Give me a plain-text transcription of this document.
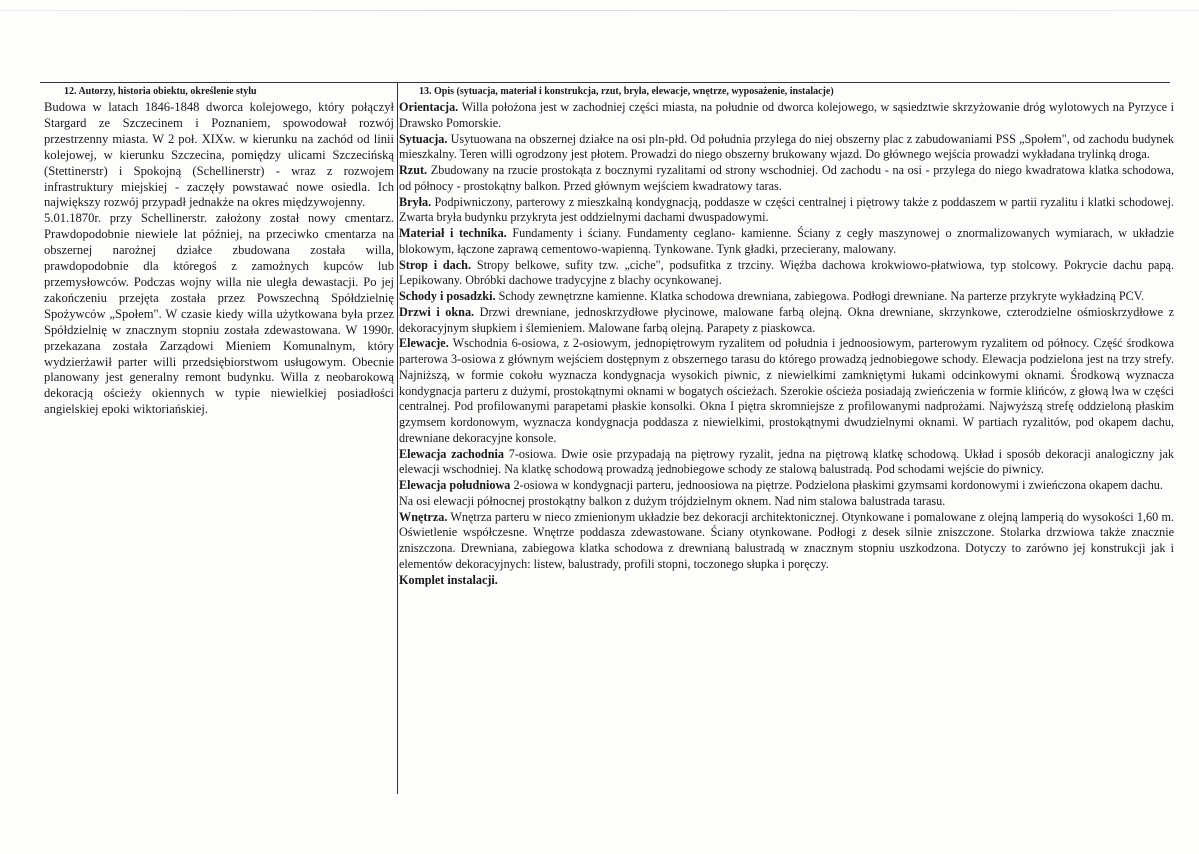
12. Autorzy, historia obiektu, określenie stylu

Budowa w latach 1846-1848 dworca kolejowego, który połączył Stargard ze Szczecinem i Poznaniem, spowodował rozwój przestrzenny miasta. W 2 poł. XIXw. w kierunku na zachód od linii kolejowej, w kierunku Szczecina, pomiędzy ulicami Szczecińską (Stettinerstr) i Spokojną (Schellinerstr) - wraz z rozwojem infrastruktury miejskiej - zaczęły powstawać nowe osiedla. Ich największy rozwój przypadł jednakże na okres międzywojenny.

5.01.1870r. przy Schellinerstr. założony został nowy cmentarz. Prawdopodobnie niewiele lat później, na przeciwko cmentarza na obszernej narożnej działce zbudowana została willa, prawdopodobnie dla któregoś z zamożnych kupców lub przemysłowców. Podczas wojny willa nie uległa dewastacji. Po jej zakończeniu przejęta została przez Powszechną Spółdzielnię Spożywców „Społem". W czasie kiedy willa użytkowana była przez Spółdzielnię w znacznym stopniu została zdewastowana. W 1990r. przekazana została Zarządowi Mieniem Komunalnym, który wydzierżawił parter willi przedsiębiorstwom usługowym. Obecnie planowany jest generalny remont budynku. Willa z neobarokową dekoracją ościeży okiennych w typie niewielkiej posiadłości angielskiej epoki wiktoriańskiej.

13. Opis (sytuacja, materiał i konstrukcja, rzut, bryła, elewacje, wnętrze, wyposażenie, instalacje)

Orientacja. Willa położona jest w zachodniej części miasta, na południe od dworca kolejowego, w sąsiedztwie skrzyżowanie dróg wylotowych na Pyrzyce i Drawsko Pomorskie.

Sytuacja. Usytuowana na obszernej działce na osi pln-płd. Od południa przylega do niej obszerny plac z zabudowaniami PSS „Społem", od zachodu budynek mieszkalny. Teren willi ogrodzony jest płotem. Prowadzi do niego obszerny brukowany wjazd. Do głównego wejścia prowadzi wykładana trylinką droga.

Rzut. Zbudowany na rzucie prostokąta z bocznymi ryzalitami od strony wschodniej. Od zachodu - na osi - przylega do niego kwadratowa klatka schodowa, od północy - prostokątny balkon. Przed głównym wejściem kwadratowy taras.

Bryła. Podpiwniczony, parterowy z mieszkalną kondygnacją, poddasze w części centralnej i piętrowy także z poddaszem w partii ryzalitu i klatki schodowej. Zwarta bryła budynku przykryta jest oddzielnymi dachami dwuspadowymi.

Materiał i technika. Fundamenty i ściany. Fundamenty ceglano- kamienne. Ściany z cegły maszynowej o znormalizowanych wymiarach, w układzie blokowym, łączone zaprawą cementowo-wapienną. Tynkowane. Tynk gładki, przecierany, malowany.

Strop i dach. Stropy belkowe, sufity tzw. „ciche", podsufitka z trzciny. Więźba dachowa krokwiowo-płatwiowa, typ stolcowy. Pokrycie dachu papą. Lepikowany. Obróbki dachowe tradycyjne z blachy ocynkowanej.

Schody i posadzki. Schody zewnętrzne kamienne. Klatka schodowa drewniana, zabiegowa. Podłogi drewniane. Na parterze przykryte wykładziną PCV.

Drzwi i okna. Drzwi drewniane, jednoskrzydłowe płycinowe, malowane farbą olejną. Okna drewniane, skrzynkowe, czterodzielne ośmioskrzydłowe z dekoracyjnym słupkiem i ślemieniem. Malowane farbą olejną. Parapety z piaskowca.

Elewacje. Wschodnia 6-osiowa, z 2-osiowym, jednopiętrowym ryzalitem od południa i jednoosiowym, parterowym ryzalitem od północy. Część środkowa parterowa 3-osiowa z głównym wejściem dostępnym z obszernego tarasu do którego prowadzą jednobiegowe schody. Elewacja podzielona jest na trzy strefy. Najniższą, w formie cokołu wyznacza kondygnacja wysokich piwnic, z niewielkimi zamkniętymi łukami odcinkowymi oknami. Środkową wyznacza kondygnacja parteru z dużymi, prostokątnymi oknami w bogatych ościeżach. Szerokie ościeża posiadają zwieńczenia w formie klińców, z głową lwa w części centralnej. Pod profilowanymi parapetami płaskie konsolki. Okna I piętra skromniejsze z profilowanymi nadprożami. Najwyższą strefę oddzieloną płaskim gzymsem kordonowym, wyznacza kondygnacja poddasza z niewielkimi, prostokątnymi dwudzielnymi oknami. W partiach ryzalitów, pod okapem dachu, drewniane dekoracyjne konsole.

Elewacja zachodnia 7-osiowa. Dwie osie przypadają na piętrowy ryzalit, jedna na piętrową klatkę schodową. Układ i sposób dekoracji analogiczny jak elewacji wschodniej. Na klatkę schodową prowadzą jednobiegowe schody ze stalową balustradą. Pod schodami wejście do piwnicy.

Elewacja południowa 2-osiowa w kondygnacji parteru, jednoosiowa na piętrze. Podzielona płaskimi gzymsami kordonowymi i zwieńczona okapem dachu.

Na osi elewacji północnej prostokątny balkon z dużym trójdzielnym oknem. Nad nim stalowa balustrada tarasu.

Wnętrza. Wnętrza parteru w nieco zmienionym układzie bez dekoracji architektonicznej. Otynkowane i pomalowane z olejną lamperią do wysokości 1,60 m. Oświetlenie współczesne. Wnętrze poddasza zdewastowane. Ściany otynkowane. Podłogi z desek silnie zniszczone. Stolarka drzwiowa także znacznie zniszczona. Drewniana, zabiegowa klatka schodowa z drewnianą balustradą w znacznym stopniu uszkodzona. Dotyczy to zarówno jej konstrukcji jak i elementów dekoracyjnych: listew, balustrady, profili stopni, toczonego słupka i poręczy.

Komplet instalacji.
